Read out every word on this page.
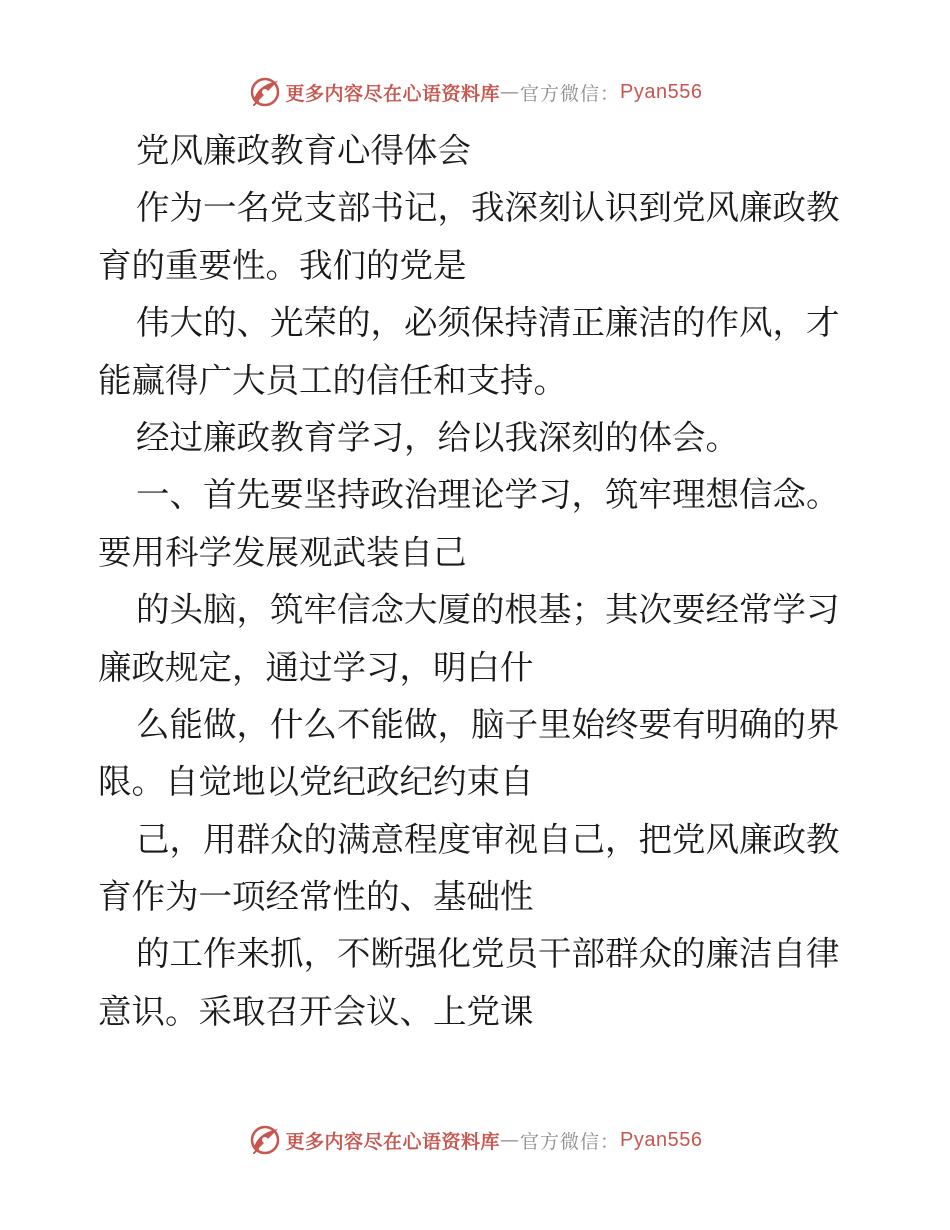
更多内容尽在心语资料库 — 官方微信： Pyan556
党风廉政教育心得体会
作为一名党支部书记，我深刻认识到党风廉政教
育的重要性。我们的党是
伟大的、光荣的，必须保持清正廉洁的作风，才
能赢得广大员工的信任和支持。
经过廉政教育学习，给以我深刻的体会。
一、首先要坚持政治理论学习，筑牢理想信念。
要用科学发展观武装自己
的头脑，筑牢信念大厦的根基；其次要经常学习
廉政规定，通过学习，明白什
么能做，什么不能做，脑子里始终要有明确的界
限。自觉地以党纪政纪约束自
己，用群众的满意程度审视自己，把党风廉政教
育作为一项经常性的、基础性
的工作来抓，不断强化党员干部群众的廉洁自律
意识。采取召开会议、上党课
更多内容尽在心语资料库 — 官方微信： Pyan556
